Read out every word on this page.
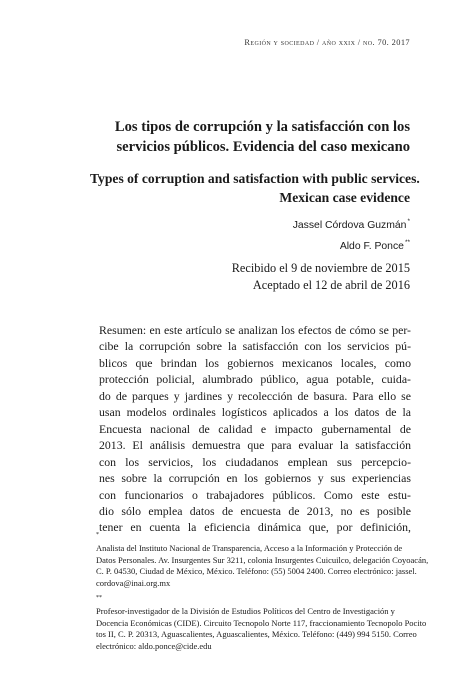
Región y sociedad / año xxix / no. 70. 2017
Los tipos de corrupción y la satisfacción con los
servicios públicos. Evidencia del caso mexicano
Types of corruption and satisfaction with public services.
Mexican case evidence
Jassel Córdova Guzmán*
Aldo F. Ponce**
Recibido el 9 de noviembre de 2015
Aceptado el 12 de abril de 2016

Resumen: en este artículo se analizan los efectos de cómo se per-
cibe la corrupción sobre la satisfacción con los servicios pú-
blicos que brindan los gobiernos mexicanos locales, como
protección policial, alumbrado público, agua potable, cuida-
do de parques y jardines y recolección de basura. Para ello se
usan modelos ordinales logísticos aplicados a los datos de la
Encuesta nacional de calidad e impacto gubernamental de
2013. El análisis demuestra que para evaluar la satisfacción
con los servicios, los ciudadanos emplean sus percepcio-
nes sobre la corrupción en los gobiernos y sus experiencias
con funcionarios o trabajadores públicos. Como este estu-
dio sólo emplea datos de encuesta de 2013, no es posible
tener en cuenta la eficiencia dinámica que, por definición,

*
Analista del Instituto Nacional de Transparencia, Acceso a la Información y Protección de
Datos Personales. Av. Insurgentes Sur 3211, colonia Insurgentes Cuicuilco, delegación Coyoacán,
C. P. 04530, Ciudad de México, México. Teléfono: (55) 5004 2400. Correo electrónico: jassel.
cordova@inai.org.mx
**
Profesor-investigador de la División de Estudios Políticos del Centro de Investigación y
Docencia Económicas (CIDE). Circuito Tecnopolo Norte 117, fraccionamiento Tecnopolo Pocito
tos II, C. P. 20313, Aguascalientes, Aguascalientes, México. Teléfono: (449) 994 5150. Correo
electrónico: aldo.ponce@cide.edu
